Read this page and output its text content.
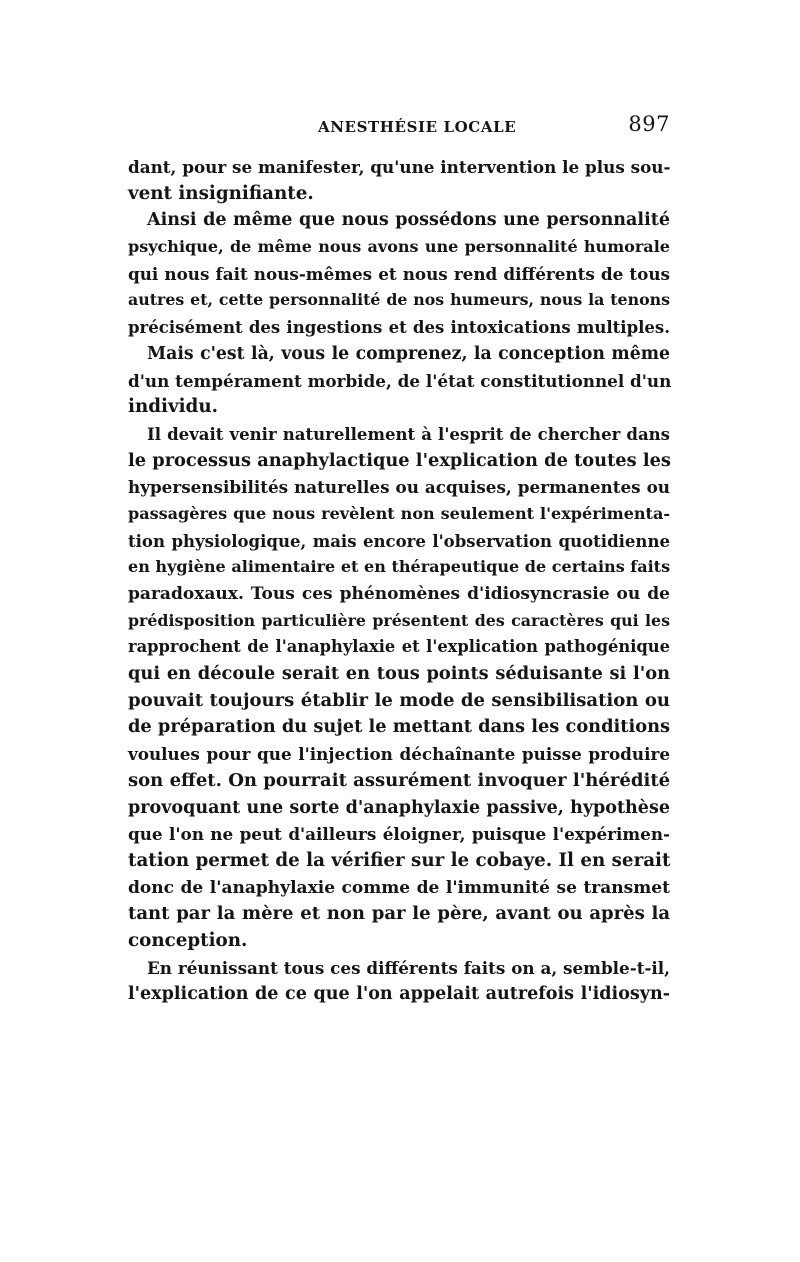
ANESTHÉSIE LOCALE	897
dant, pour se manifester, qu'une intervention le plus sou-
vent insignifiante.
Ainsi de même que nous possédons une personnalité
psychique, de même nous avons une personnalité humorale
qui nous fait nous-mêmes et nous rend différents de tous
autres et, cette personnalité de nos humeurs, nous la tenons
précisément des ingestions et des intoxications multiples.
Mais c'est là, vous le comprenez, la conception même
d'un tempérament morbide, de l'état constitutionnel d'un
individu.
Il devait venir naturellement à l'esprit de chercher dans
le processus anaphylactique l'explication de toutes les
hypersensibilités naturelles ou acquises, permanentes ou
passagères que nous revèlent non seulement l'expérimenta-
tion physiologique, mais encore l'observation quotidienne
en hygiène alimentaire et en thérapeutique de certains faits
paradoxaux. Tous ces phénomènes d'idiosyncrasie ou de
prédisposition particulière présentent des caractères qui les
rapprochent de l'anaphylaxie et l'explication pathogénique
qui en découle serait en tous points séduisante si l'on
pouvait toujours établir le mode de sensibilisation ou
de préparation du sujet le mettant dans les conditions
voulues pour que l'injection déchaînante puisse produire
son effet. On pourrait assurément invoquer l'hérédité
provoquant une sorte d'anaphylaxie passive, hypothèse
que l'on ne peut d'ailleurs éloigner, puisque l'expérimen-
tation permet de la vérifier sur le cobaye. Il en serait
donc de l'anaphylaxie comme de l'immunité se transmet
tant par la mère et non par le père, avant ou après la
conception.
En réunissant tous ces différents faits on a, semble-t-il,
l'explication de ce que l'on appelait autrefois l'idiosyn-
